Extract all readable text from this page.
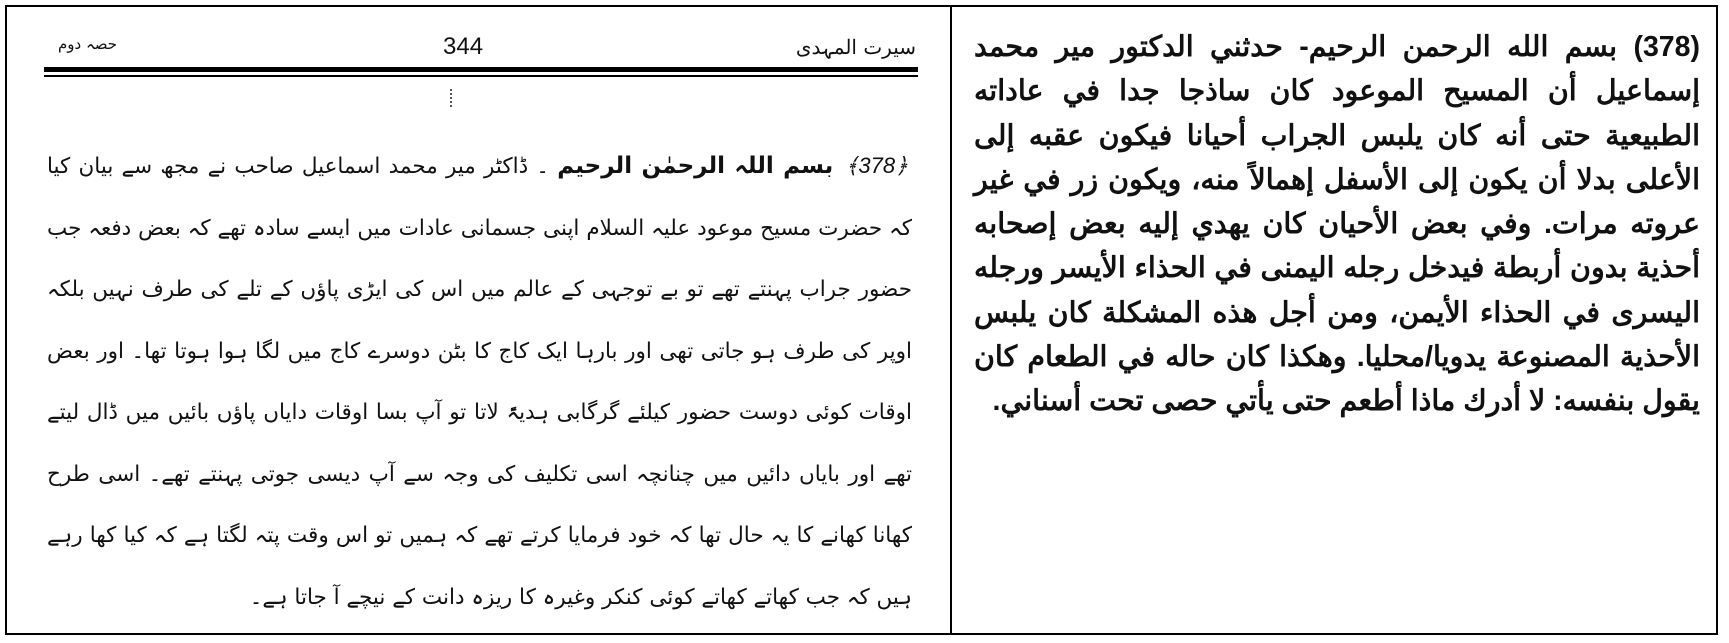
حصہ دوم	344	سیرت المہدی
﴿378﴾ بسم اللہ الرحمٰن الرحیم ۔ ڈاکٹر میر محمد اسماعیل صاحب نے مجھ سے بیان کیا کہ حضرت مسیح موعود علیہ السلام اپنی جسمانی عادات میں ایسے سادہ تھے کہ بعض دفعہ جب حضور جراب پہنتے تھے تو بے توجہی کے عالم میں اس کی ایڑی پاؤں کے تلے کی طرف نہیں بلکہ اوپر کی طرف ہو جاتی تھی اور بارہا ایک کاج کا بٹن دوسرے کاج میں لگا ہوا ہوتا تھا۔ اور بعض اوقات کوئی دوست حضور کیلئے گرگابی ہدیۃً لاتا تو آپ بسا اوقات دایاں پاؤں بائیں میں ڈال لیتے تھے اور بایاں دائیں میں چنانچہ اسی تکلیف کی وجہ سے آپ دیسی جوتی پہنتے تھے۔ اسی طرح کھانا کھانے کا یہ حال تھا کہ خود فرمایا کرتے تھے کہ ہمیں تو اس وقت پتہ لگتا ہے کہ کیا کھا رہے ہیں کہ جب کھاتے کھاتے کوئی کنکر وغیرہ کا ریزہ دانت کے نیچے آ جاتا ہے۔
(378) بسم الله الرحمن الرحيم- حدثني الدكتور مير محمد إسماعيل أن المسيح الموعود كان ساذجا جدا في عاداته الطبيعية حتى أنه كان يلبس الجراب أحيانا فيكون عقبه إلى الأعلى بدلا أن يكون إلى الأسفل إهمالاً منه، ويكون زر في غير عروته مرات. وفي بعض الأحيان كان يهدي إليه بعض إصحابه أحذية بدون أربطة فيدخل رجله اليمنى في الحذاء الأيسر ورجله اليسرى في الحذاء الأيمن، ومن أجل هذه المشكلة كان يلبس الأحذية المصنوعة يدويا/محليا. وهكذا كان حاله في الطعام كان يقول بنفسه: لا أدرك ماذا أطعم حتى يأتي حصى تحت أسناني.
